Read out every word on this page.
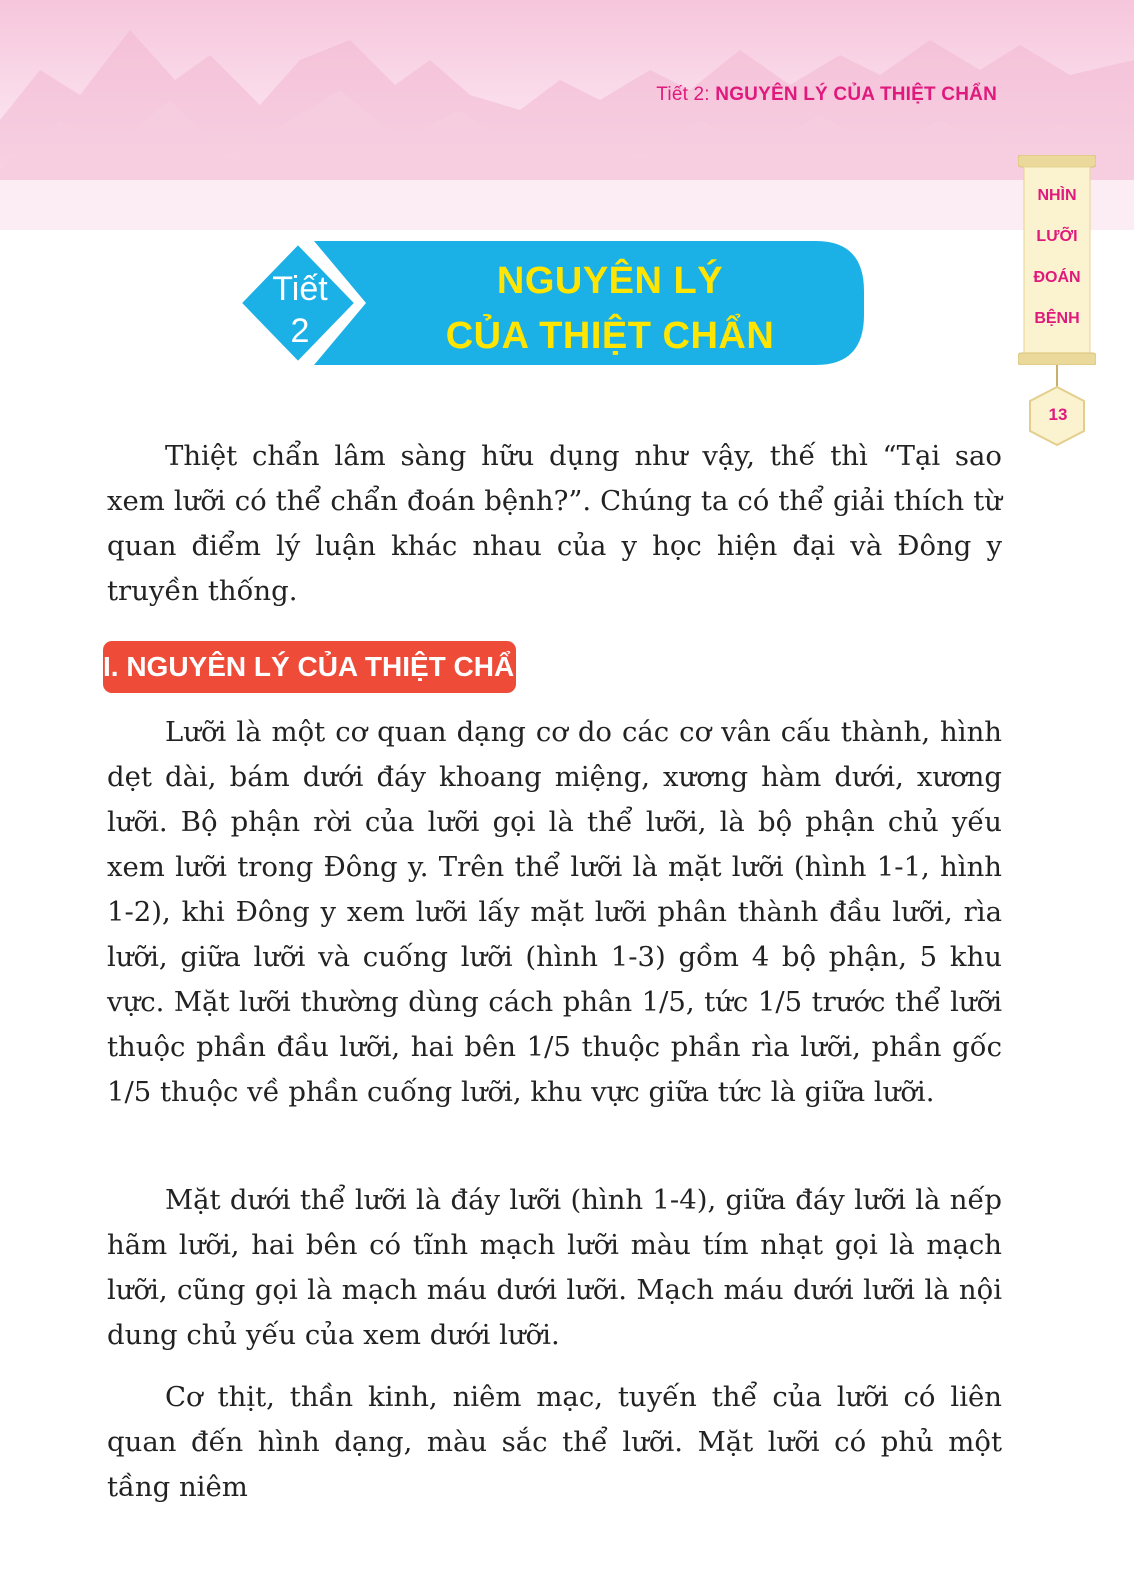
Tiết 2: NGUYÊN LÝ CỦA THIỆT CHẨN
NHÌN
LƯỠI
ĐOÁN
BỆNH
13
Tiết
2
NGUYÊN LÝ
CỦA THIỆT CHẨN

Thiệt chẩn lâm sàng hữu dụng như vậy, thế thì “Tại sao xem lưỡi có thể chẩn đoán bệnh?”. Chúng ta có thể giải thích từ quan điểm lý luận khác nhau của y học hiện đại và Đông y truyền thống.

I. NGUYÊN LÝ CỦA THIỆT CHẨN

Lưỡi là một cơ quan dạng cơ do các cơ vân cấu thành, hình dẹt dài, bám dưới đáy khoang miệng, xương hàm dưới, xương lưỡi. Bộ phận rời của lưỡi gọi là thể lưỡi, là bộ phận chủ yếu xem lưỡi trong Đông y. Trên thể lưỡi là mặt lưỡi (hình 1-1, hình 1-2), khi Đông y xem lưỡi lấy mặt lưỡi phân thành đầu lưỡi, rìa lưỡi, giữa lưỡi và cuống lưỡi (hình 1-3) gồm 4 bộ phận, 5 khu vực. Mặt lưỡi thường dùng cách phân 1/5, tức 1/5 trước thể lưỡi thuộc phần đầu lưỡi, hai bên 1/5 thuộc phần rìa lưỡi, phần gốc 1/5 thuộc về phần cuống lưỡi, khu vực giữa tức là giữa lưỡi.

Mặt dưới thể lưỡi là đáy lưỡi (hình 1-4), giữa đáy lưỡi là nếp hãm lưỡi, hai bên có tĩnh mạch lưỡi màu tím nhạt gọi là mạch lưỡi, cũng gọi là mạch máu dưới lưỡi. Mạch máu dưới lưỡi là nội dung chủ yếu của xem dưới lưỡi.

Cơ thịt, thần kinh, niêm mạc, tuyến thể của lưỡi có liên quan đến hình dạng, màu sắc thể lưỡi. Mặt lưỡi có phủ một tầng niêm
